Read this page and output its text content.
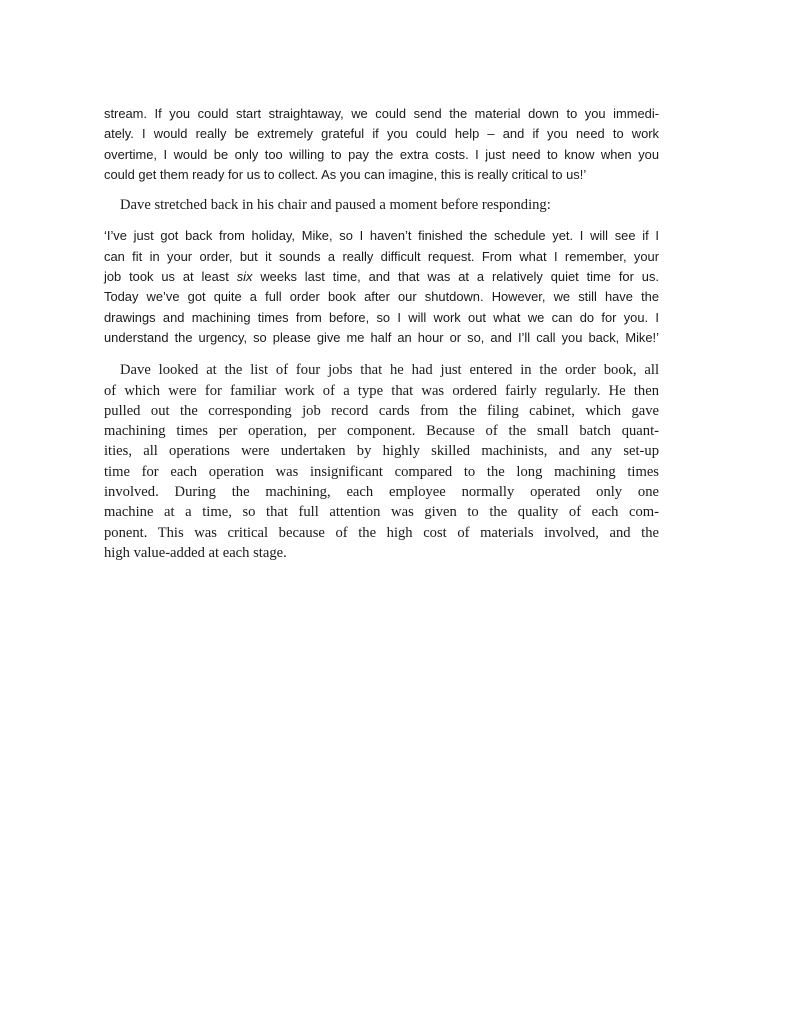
stream. If you could start straightaway, we could send the material down to you immedi-
ately. I would really be extremely grateful if you could help – and if you need to work
overtime, I would be only too willing to pay the extra costs. I just need to know when you
could get them ready for us to collect. As you can imagine, this is really critical to us!’

Dave stretched back in his chair and paused a moment before responding:

‘I’ve just got back from holiday, Mike, so I haven’t finished the schedule yet. I will see if I
can fit in your order, but it sounds a really difficult request. From what I remember, your
job took us at least six weeks last time, and that was at a relatively quiet time for us.
Today we’ve got quite a full order book after our shutdown. However, we still have the
drawings and machining times from before, so I will work out what we can do for you. I
understand the urgency, so please give me half an hour or so, and I’ll call you back, Mike!’

Dave looked at the list of four jobs that he had just entered in the order book, all
of which were for familiar work of a type that was ordered fairly regularly. He then
pulled out the corresponding job record cards from the filing cabinet, which gave
machining times per operation, per component. Because of the small batch quant-
ities, all operations were undertaken by highly skilled machinists, and any set-up
time for each operation was insignificant compared to the long machining times
involved. During the machining, each employee normally operated only one
machine at a time, so that full attention was given to the quality of each com-
ponent. This was critical because of the high cost of materials involved, and the
high value-added at each stage.
